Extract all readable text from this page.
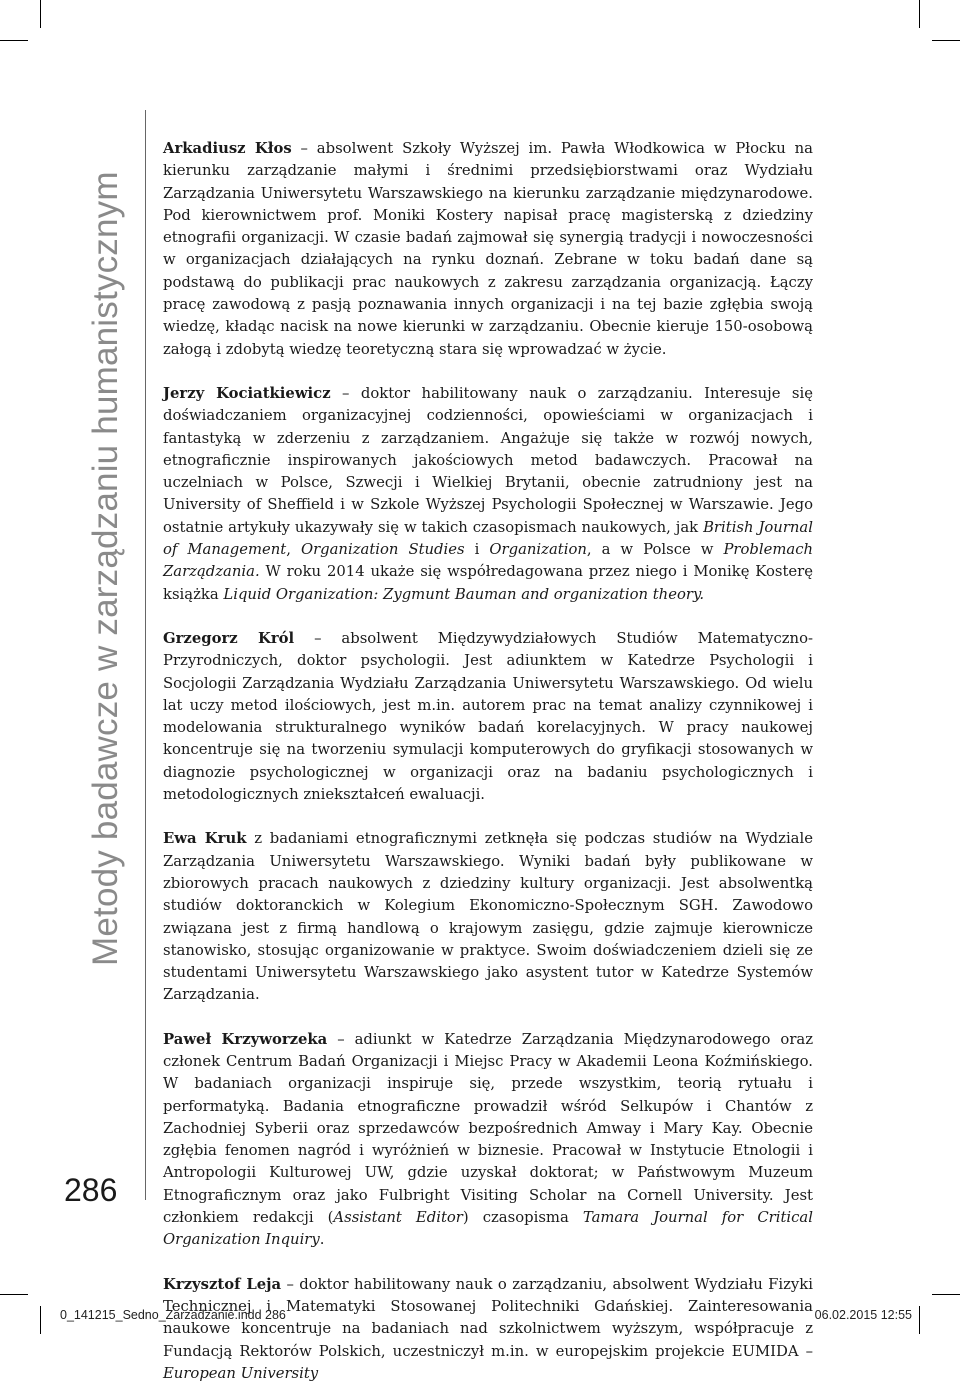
Metody badawcze w zarządzaniu humanistycznym
286

Arkadiusz Kłos – absolwent Szkoły Wyższej im. Pawła Włodkowica w Płocku na kierunku zarządzanie małymi i średnimi przedsiębiorstwami oraz Wydziału Zarządzania Uniwersytetu Warszawskiego na kierunku zarządzanie międzynarodowe. Pod kierownictwem prof. Moniki Kostery napisał pracę magisterską z dziedziny etnografii organizacji. W czasie badań zajmował się synergią tradycji i nowoczesności w organizacjach działających na rynku doznań. Zebrane w toku badań dane są podstawą do publikacji prac naukowych z zakresu zarządzania organizacją. Łączy pracę zawodową z pasją poznawania innych organizacji i na tej bazie zgłębia swoją wiedzę, kładąc nacisk na nowe kierunki w zarządzaniu. Obecnie kieruje 150-osobową załogą i zdobytą wiedzę teoretyczną stara się wprowadzać w życie.

Jerzy Kociatkiewicz – doktor habilitowany nauk o zarządzaniu. Interesuje się doświadczaniem organizacyjnej codzienności, opowieściami w organizacjach i fantastyką w zderzeniu z zarządzaniem. Angażuje się także w rozwój nowych, etnograficznie inspirowanych jakościowych metod badawczych. Pracował na uczelniach w Polsce, Szwecji i Wielkiej Brytanii, obecnie zatrudniony jest na University of Sheffield i w Szkole Wyższej Psychologii Społecznej w Warszawie. Jego ostatnie artykuły ukazywały się w takich czasopismach naukowych, jak British Journal of Management, Organization Studies i Organization, a w Polsce w Problemach Zarządzania. W roku 2014 ukaże się współredagowana przez niego i Monikę Kosterę książka Liquid Organization: Zygmunt Bauman and organization theory.

Grzegorz Król – absolwent Międzywydziałowych Studiów Matematyczno-Przyrodniczych, doktor psychologii. Jest adiunktem w Katedrze Psychologii i Socjologii Zarządzania Wydziału Zarządzania Uniwersytetu Warszawskiego. Od wielu lat uczy metod ilościowych, jest m.in. autorem prac na temat analizy czynnikowej i modelowania strukturalnego wyników badań korelacyjnych. W pracy naukowej koncentruje się na tworzeniu symulacji komputerowych do gryfikacji stosowanych w diagnozie psychologicznej w organizacji oraz na badaniu psychologicznych i metodologicznych zniekształceń ewaluacji.

Ewa Kruk z badaniami etnograficznymi zetknęła się podczas studiów na Wydziale Zarządzania Uniwersytetu Warszawskiego. Wyniki badań były publikowane w zbiorowych pracach naukowych z dziedziny kultury organizacji. Jest absolwentką studiów doktoranckich w Kolegium Ekonomiczno-Społecznym SGH. Zawodowo związana jest z firmą handlową o krajowym zasięgu, gdzie zajmuje kierownicze stanowisko, stosując organizowanie w praktyce. Swoim doświadczeniem dzieli się ze studentami Uniwersytetu Warszawskiego jako asystent tutor w Katedrze Systemów Zarządzania.

Paweł Krzyworzeka – adiunkt w Katedrze Zarządzania Międzynarodowego oraz członek Centrum Badań Organizacji i Miejsc Pracy w Akademii Leona Koźmińskiego. W badaniach organizacji inspiruje się, przede wszystkim, teorią rytuału i performatyką. Badania etnograficzne prowadził wśród Selkupów i Chantów z Zachodniej Syberii oraz sprzedawców bezpośrednich Amway i Mary Kay. Obecnie zgłębia fenomen nagród i wyróżnień w biznesie. Pracował w Instytucie Etnologii i Antropologii Kulturowej UW, gdzie uzyskał doktorat; w Państwowym Muzeum Etnograficznym oraz jako Fulbright Visiting Scholar na Cornell University. Jest członkiem redakcji (Assistant Editor) czasopisma Tamara Journal for Critical Organization Inquiry.

Krzysztof Leja – doktor habilitowany nauk o zarządzaniu, absolwent Wydziału Fizyki Technicznej i Matematyki Stosowanej Politechniki Gdańskiej. Zainteresowania naukowe koncentruje na badaniach nad szkolnictwem wyższym, współpracuje z Fundacją Rektorów Polskich, uczestniczył m.in. w europejskim projekcie EUMIDA – European University

0_141215_Sedno_Zarzadzanie.indd 286	06.02.2015 12:55
